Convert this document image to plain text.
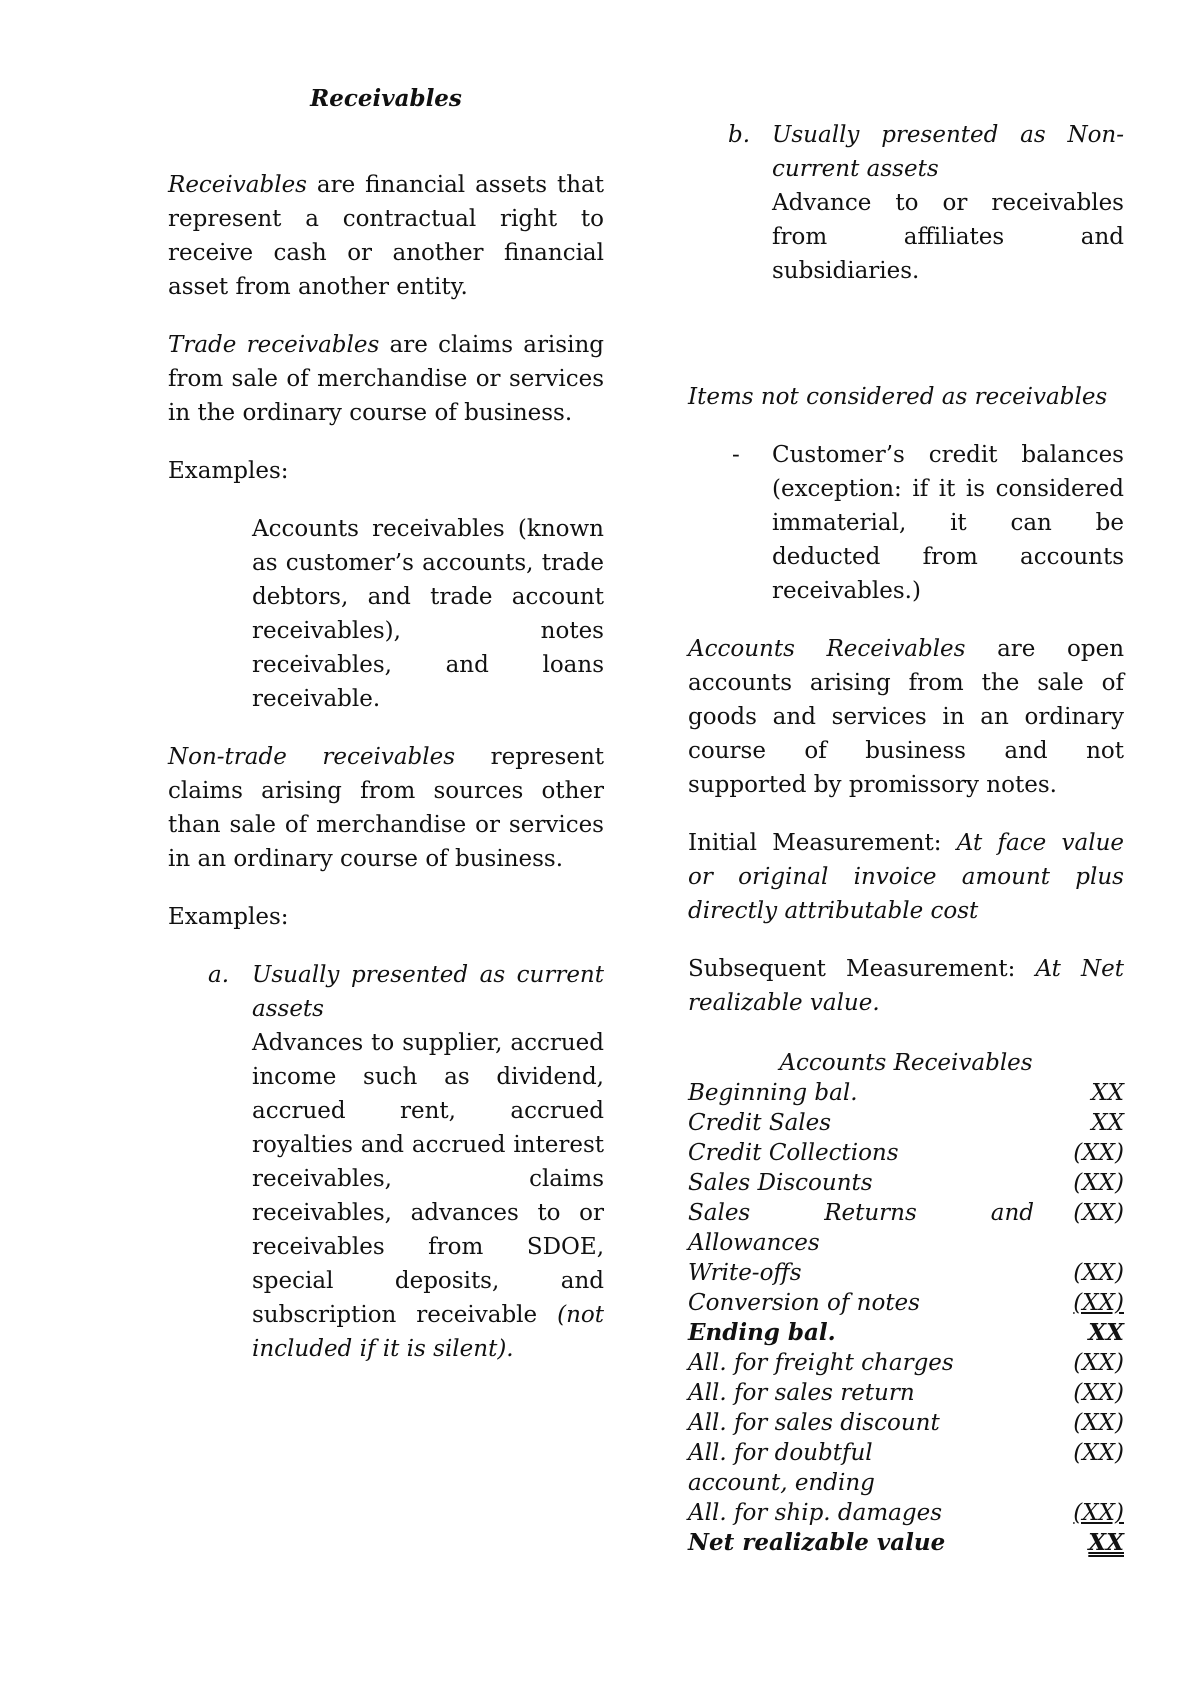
Receivables

Receivables are financial assets that represent a contractual right to receive cash or another financial asset from another entity.

Trade receivables are claims arising from sale of merchandise or services in the ordinary course of business.

Examples:

Accounts receivables (known as customer’s accounts, trade debtors, and trade account receivables), notes receivables, and loans receivable.

Non-trade receivables represent claims arising from sources other than sale of merchandise or services in an ordinary course of business.

Examples:

a. Usually presented as current assets

Advances to supplier, accrued income such as dividend, accrued rent, accrued royalties and accrued interest receivables, claims receivables, advances to or receivables from SDOE, special deposits, and subscription receivable (not included if it is silent).

b. Usually presented as Non-current assets

Advance to or receivables from affiliates and subsidiaries.

Items not considered as receivables

- Customer’s credit balances (exception: if it is considered immaterial, it can be deducted from accounts receivables.)

Accounts Receivables are open accounts arising from the sale of goods and services in an ordinary course of business and not supported by promissory notes.

Initial Measurement: At face value or original invoice amount plus directly attributable cost

Subsequent Measurement: At Net realizable value.

Accounts Receivables	
Beginning bal.	XX
Credit Sales	XX
Credit Collections	(XX)
Sales Discounts	(XX)
Sales Returns and Allowances	(XX)
Write-offs	(XX)
Conversion of notes	(XX)
Ending bal.	XX
All. for freight charges	(XX)
All. for sales return	(XX)
All. for sales discount	(XX)
All. for doubtful account, ending	(XX)
All. for ship. damages	(XX)
Net realizable value	XX
